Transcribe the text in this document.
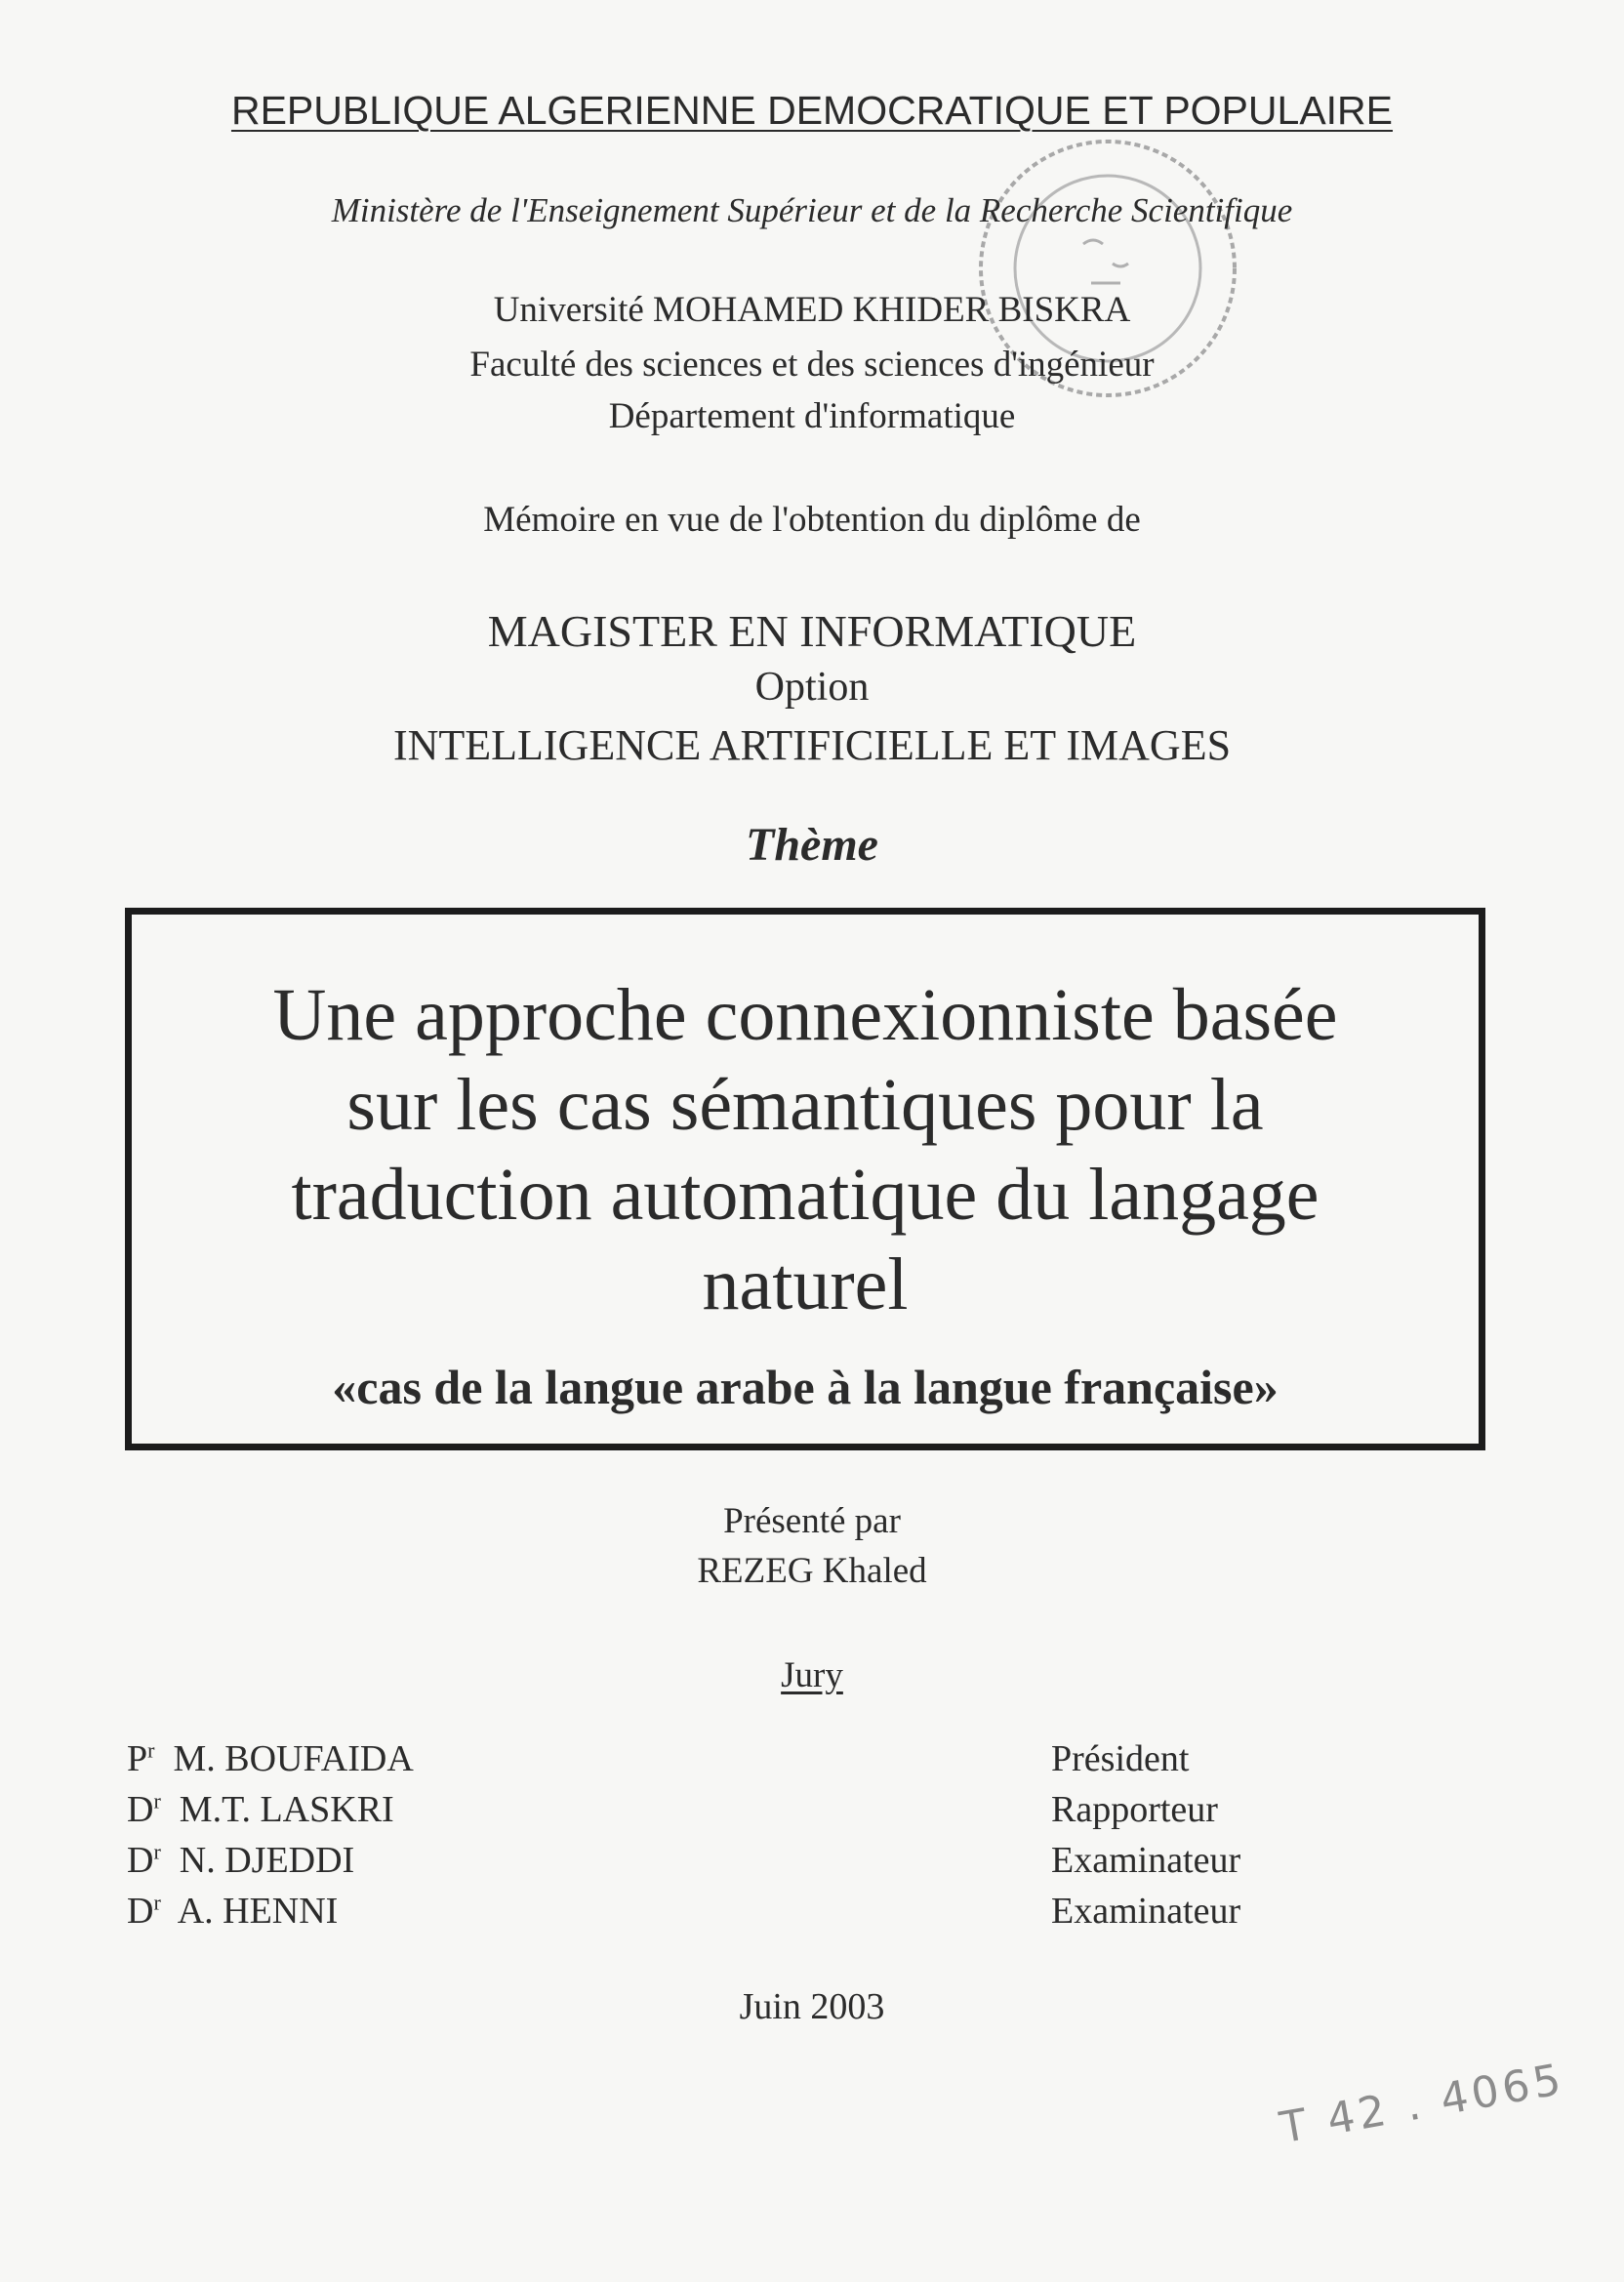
REPUBLIQUE ALGERIENNE DEMOCRATIQUE ET POPULAIRE
Ministère de l'Enseignement Supérieur et de la Recherche Scientifique
Université MOHAMED KHIDER BISKRA
Faculté des sciences et des sciences d'ingénieur
Département d'informatique
Mémoire en vue de l'obtention du diplôme de
MAGISTER EN INFORMATIQUE
Option
INTELLIGENCE ARTIFICIELLE ET IMAGES
Thème
Une approche connexionniste basée
sur les cas sémantiques pour la
traduction automatique du langage
naturel
«cas de la langue arabe à la langue française»
Présenté par
REZEG Khaled
Jury
$P^r$ M. BOUFAIDA	Président
$D^r$ M.T. LASKRI	Rapporteur
$D^r$ N. DJEDDI	Examinateur
$D^r$ A. HENNI	Examinateur
Juin 2003
T 42 . 4065
